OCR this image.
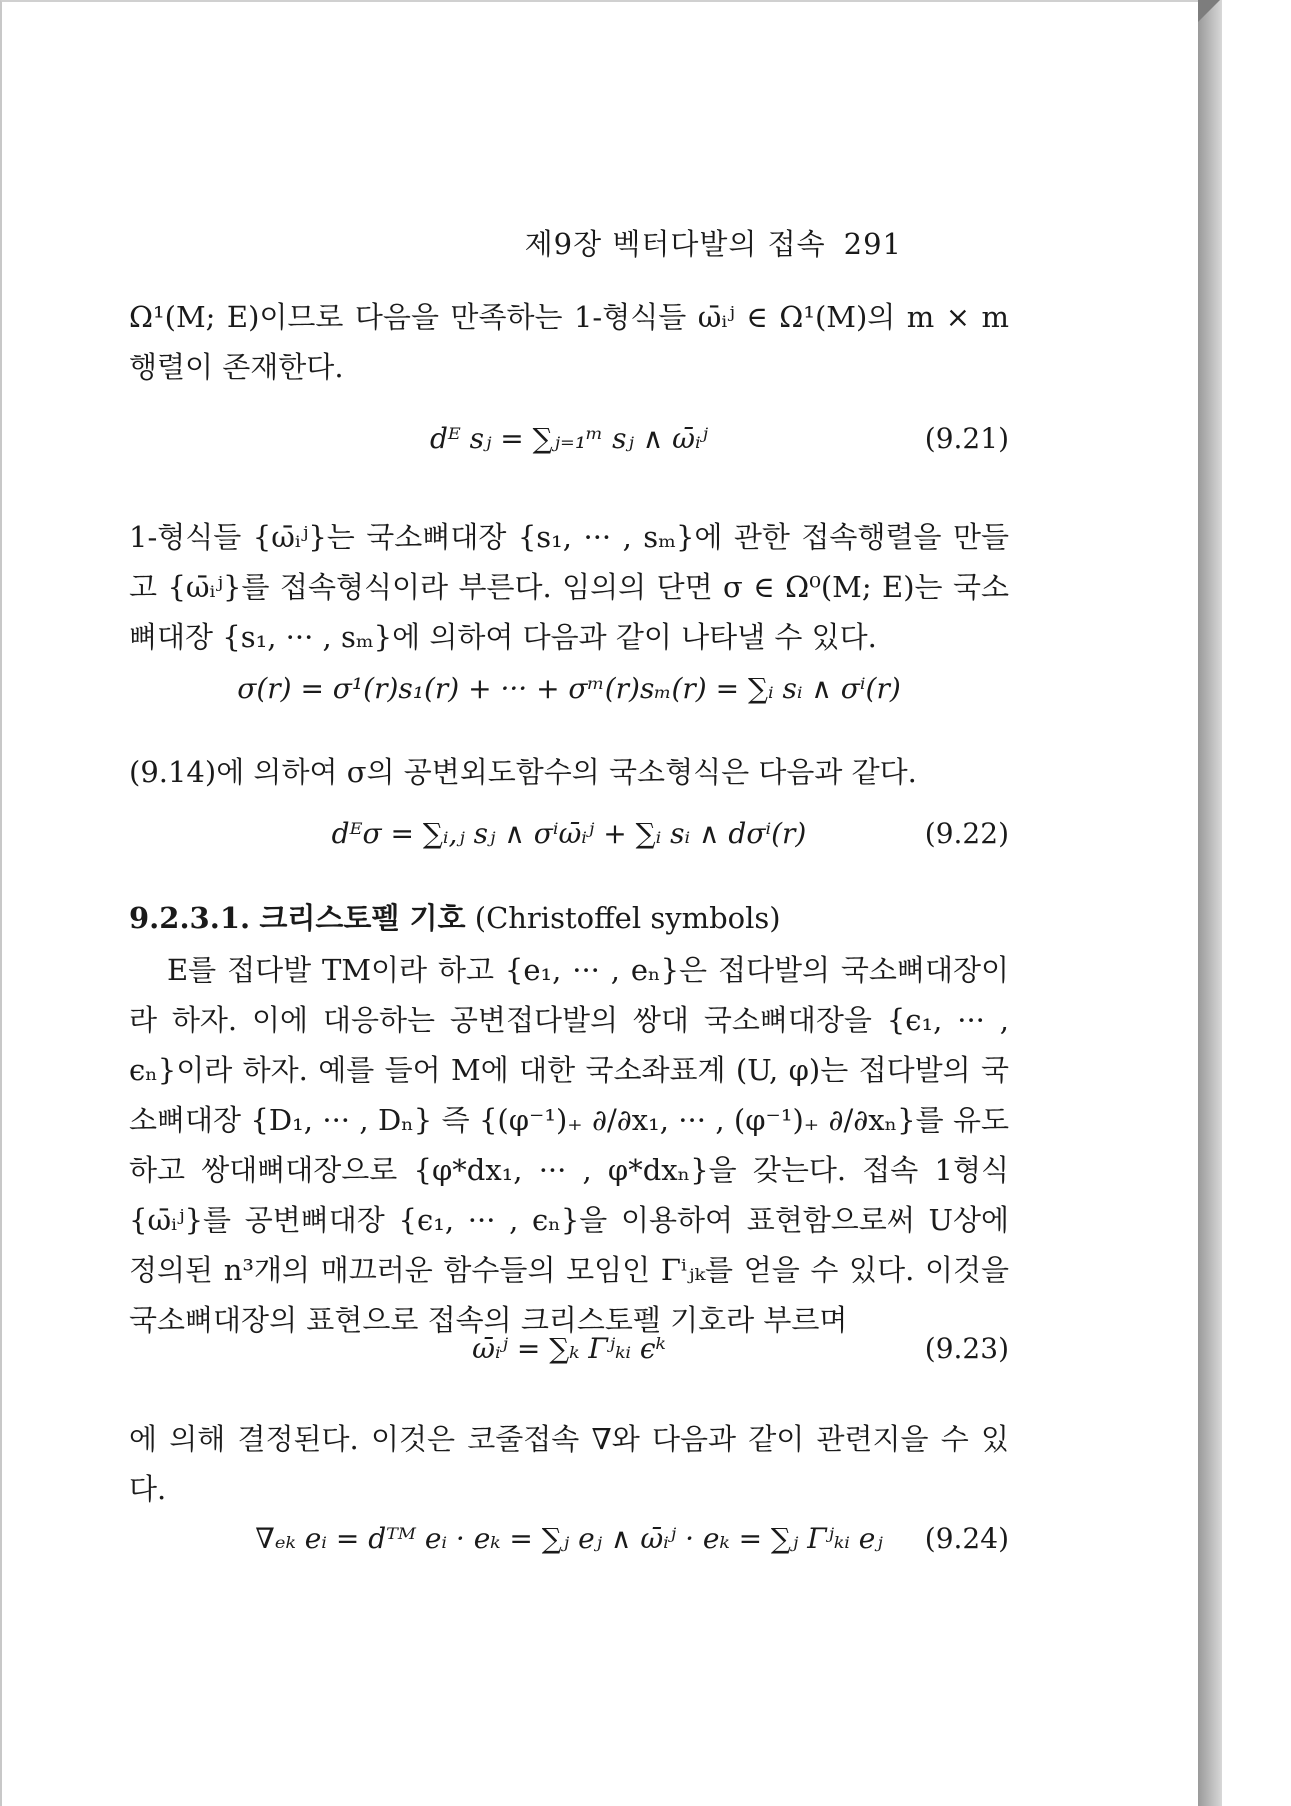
제9장 벡터다발의 접속 291
Ω¹(M; E)이므로 다음을 만족하는 1-형식들 ω̄ᵢʲ ∈ Ω¹(M)의 m × m 행렬이 존재한다.
dᴱ sⱼ = ∑ⱼ₌₁ᵐ sⱼ ∧ ω̄ᵢʲ	(9.21)
1-형식들 {ω̄ᵢʲ}는 국소뼈대장 {s₁, ··· , sₘ}에 관한 접속행렬을 만들고 {ω̄ᵢʲ}를 접속형식이라 부른다. 임의의 단면 σ ∈ Ω⁰(M; E)는 국소뼈대장 {s₁, ··· , sₘ}에 의하여 다음과 같이 나타낼 수 있다.
σ(r) = σ¹(r)s₁(r) + ··· + σᵐ(r)sₘ(r) = ∑ᵢ sᵢ ∧ σⁱ(r)
(9.14)에 의하여 σ의 공변외도함수의 국소형식은 다음과 같다.
dᴱσ = ∑ᵢ,ⱼ sⱼ ∧ σⁱω̄ᵢʲ + ∑ᵢ sᵢ ∧ dσⁱ(r)	(9.22)
9.2.3.1. 크리스토펠 기호 (Christoffel symbols)
E를 접다발 TM이라 하고 {e₁, ··· , eₙ}은 접다발의 국소뼈대장이라 하자. 이에 대응하는 공변접다발의 쌍대 국소뼈대장을 {ϵ₁, ··· , ϵₙ}이라 하자. 예를 들어 M에 대한 국소좌표계 (U, φ)는 접다발의 국소뼈대장 {D₁, ··· , Dₙ} 즉 {(φ⁻¹)₊ ∂/∂x₁, ··· , (φ⁻¹)₊ ∂/∂xₙ}를 유도하고 쌍대뼈대장으로 {φ*dx₁, ··· , φ*dxₙ}을 갖는다. 접속 1형식 {ω̄ᵢʲ}를 공변뼈대장 {ϵ₁, ··· , ϵₙ}을 이용하여 표현함으로써 U상에 정의된 n³개의 매끄러운 함수들의 모임인 Γⁱⱼₖ를 얻을 수 있다. 이것을 국소뼈대장의 표현으로 접속의 크리스토펠 기호라 부르며
ω̄ᵢʲ = ∑ₖ Γʲₖᵢ ϵᵏ	(9.23)
에 의해 결정된다. 이것은 코줄접속 ∇와 다음과 같이 관련지을 수 있다.
∇ₑₖ eᵢ = dᵀᴹ eᵢ · eₖ = ∑ⱼ eⱼ ∧ ω̄ᵢʲ · eₖ = ∑ⱼ Γʲₖᵢ eⱼ (9.24)
